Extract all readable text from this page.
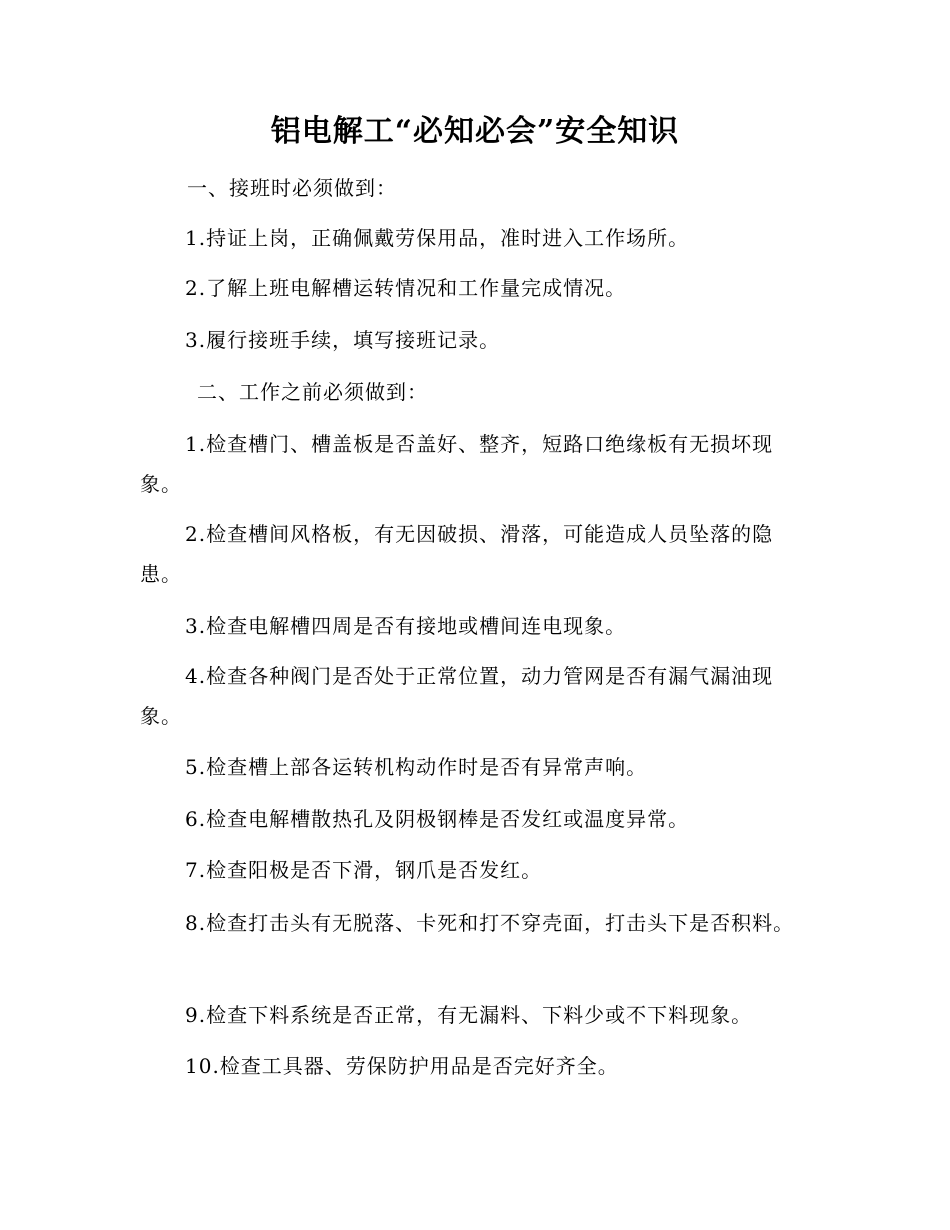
铝电解工“必知必会”安全知识

一、接班时必须做到：

1.持证上岗，正确佩戴劳保用品，准时进入工作场所。

2.了解上班电解槽运转情况和工作量完成情况。

3.履行接班手续，填写接班记录。

二、工作之前必须做到：

1.检查槽门、槽盖板是否盖好、整齐，短路口绝缘板有无损坏现象。

2.检查槽间风格板，有无因破损、滑落，可能造成人员坠落的隐患。

3.检查电解槽四周是否有接地或槽间连电现象。

4.检查各种阀门是否处于正常位置，动力管网是否有漏气漏油现象。

5.检查槽上部各运转机构动作时是否有异常声响。

6.检查电解槽散热孔及阴极钢棒是否发红或温度异常。

7.检查阳极是否下滑，钢爪是否发红。

8.检查打击头有无脱落、卡死和打不穿壳面，打击头下是否积料。

9.检查下料系统是否正常，有无漏料、下料少或不下料现象。

10.检查工具器、劳保防护用品是否完好齐全。
